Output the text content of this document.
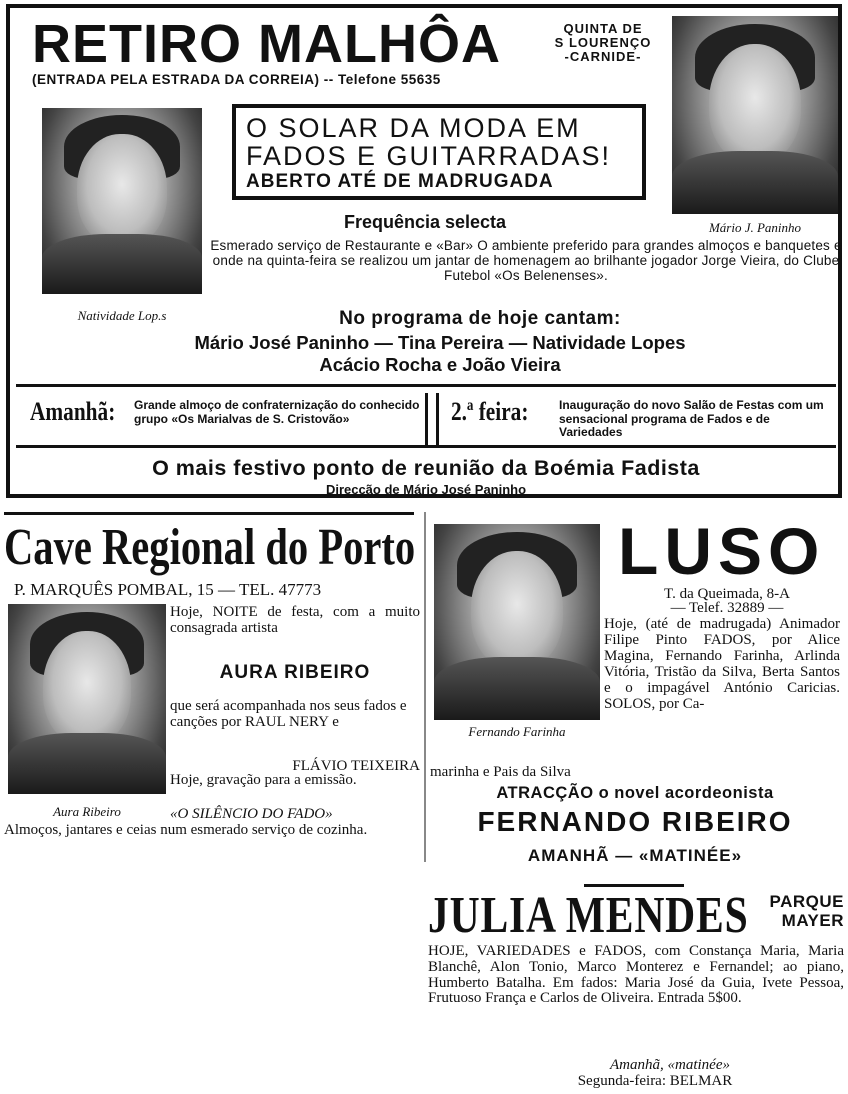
RETIRO MALHÔA	QUINTA DE
S LOURENÇO
-CARNIDE-
(ENTRADA PELA ESTRADA DA CORREIA) -- Telefone 55635
Mário J. Paninho
Natividade Lop.s
O SOLAR DA MODA EM
FADOS E GUITARRADAS!
ABERTO ATÉ DE MADRUGADA
Frequência selecta
Esmerado serviço de Restaurante e «Bar» O ambiente preferido para grandes almoços e banquetes e onde na quinta-feira se realizou um jantar de homenagem ao brilhante jogador Jorge Vieira, do Clube Futebol «Os Belenenses».
No programa de hoje cantam:
Mário José Paninho — Tina Pereira — Natividade Lopes
Acácio Rocha e João Vieira
Amanhã: Grande almoço de confraternização do conhecido grupo «Os Marialvas de S. Cristovão»	2.ª feira:	Inauguração do novo Salão de Festas com um sensacional programa de Fados e de Variedades
O mais festivo ponto de reunião da Boémia Fadista
Direcção de Mário José Paninho
Cave Regional do Porto
P. MARQUÊS POMBAL, 15 — TEL. 47773
Aura Ribeiro
Hoje, NOITE de festa, com a muito consagrada artista
AURA RIBEIRO
que será acompanhada nos seus fados e canções por RAUL NERY e
FLÁVIO TEIXEIRA
Hoje, gravação para a emissão.
«O SILÊNCIO DO FADO»
Almoços, jantares e ceias num esmerado serviço de cozinha.
Fernando Farinha
LUSO
T. da Queimada, 8-A
— Telef. 32889 —
Hoje, (até de madrugada) Animador Filipe Pinto FADOS, por Alice Magina, Fernando Farinha, Arlinda Vitória, Tristão da Silva, Berta Santos e o impagável António Caricias. SOLOS, por Ca-
marinha e Pais da Silva
ATRACÇÃO o novel acordeonista
FERNANDO RIBEIRO
AMANHÃ — «MATINÉE»
JULIA MENDES	PARQUE
MAYER
HOJE, VARIEDADES e FADOS, com Constança Maria, Maria Blanchê, Alon Tonio, Marco Monterez e Fernandel; ao piano, Humberto Batalha. Em fados: Maria José da Guia, Ivete Pessoa, Frutuoso França e Carlos de Oliveira. Entrada 5$00.
Amanhã, «matinée»
Segunda-feira: BELMAR
